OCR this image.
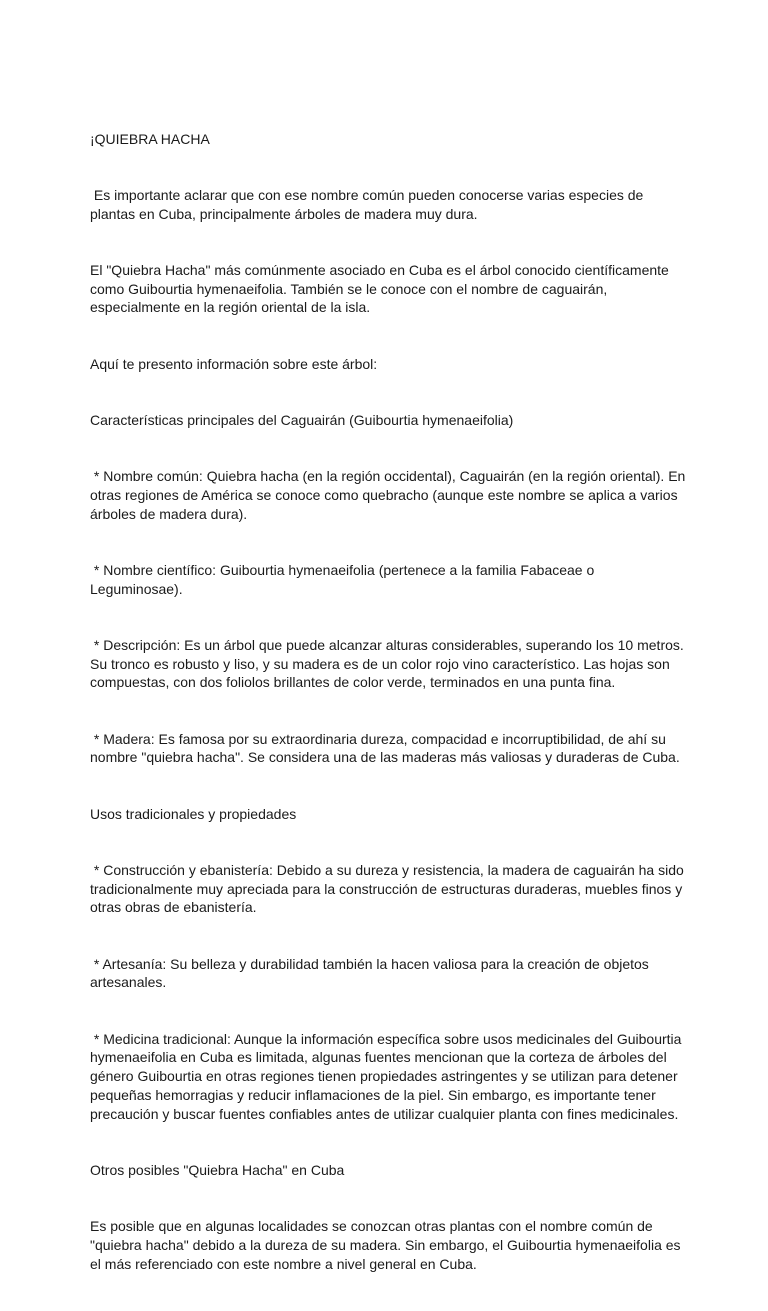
¡QUIEBRA HACHA

Es importante aclarar que con ese nombre común pueden conocerse varias especies de plantas en Cuba, principalmente árboles de madera muy dura.

El "Quiebra Hacha" más comúnmente asociado en Cuba es el árbol conocido científicamente como Guibourtia hymenaeifolia. También se le conoce con el nombre de caguairán, especialmente en la región oriental de la isla.

Aquí te presento información sobre este árbol:

Características principales del Caguairán (Guibourtia hymenaeifolia)

* Nombre común: Quiebra hacha (en la región occidental), Caguairán (en la región oriental). En otras regiones de América se conoce como quebracho (aunque este nombre se aplica a varios árboles de madera dura).

* Nombre científico: Guibourtia hymenaeifolia (pertenece a la familia Fabaceae o Leguminosae).

* Descripción: Es un árbol que puede alcanzar alturas considerables, superando los 10 metros. Su tronco es robusto y liso, y su madera es de un color rojo vino característico. Las hojas son compuestas, con dos foliolos brillantes de color verde, terminados en una punta fina.

* Madera: Es famosa por su extraordinaria dureza, compacidad e incorruptibilidad, de ahí su nombre "quiebra hacha". Se considera una de las maderas más valiosas y duraderas de Cuba.

Usos tradicionales y propiedades

* Construcción y ebanistería: Debido a su dureza y resistencia, la madera de caguairán ha sido tradicionalmente muy apreciada para la construcción de estructuras duraderas, muebles finos y otras obras de ebanistería.

* Artesanía: Su belleza y durabilidad también la hacen valiosa para la creación de objetos artesanales.

* Medicina tradicional: Aunque la información específica sobre usos medicinales del Guibourtia hymenaeifolia en Cuba es limitada, algunas fuentes mencionan que la corteza de árboles del género Guibourtia en otras regiones tienen propiedades astringentes y se utilizan para detener pequeñas hemorragias y reducir inflamaciones de la piel. Sin embargo, es importante tener precaución y buscar fuentes confiables antes de utilizar cualquier planta con fines medicinales.

Otros posibles "Quiebra Hacha" en Cuba

Es posible que en algunas localidades se conozcan otras plantas con el nombre común de "quiebra hacha" debido a la dureza de su madera. Sin embargo, el Guibourtia hymenaeifolia es el más referenciado con este nombre a nivel general en Cuba.
